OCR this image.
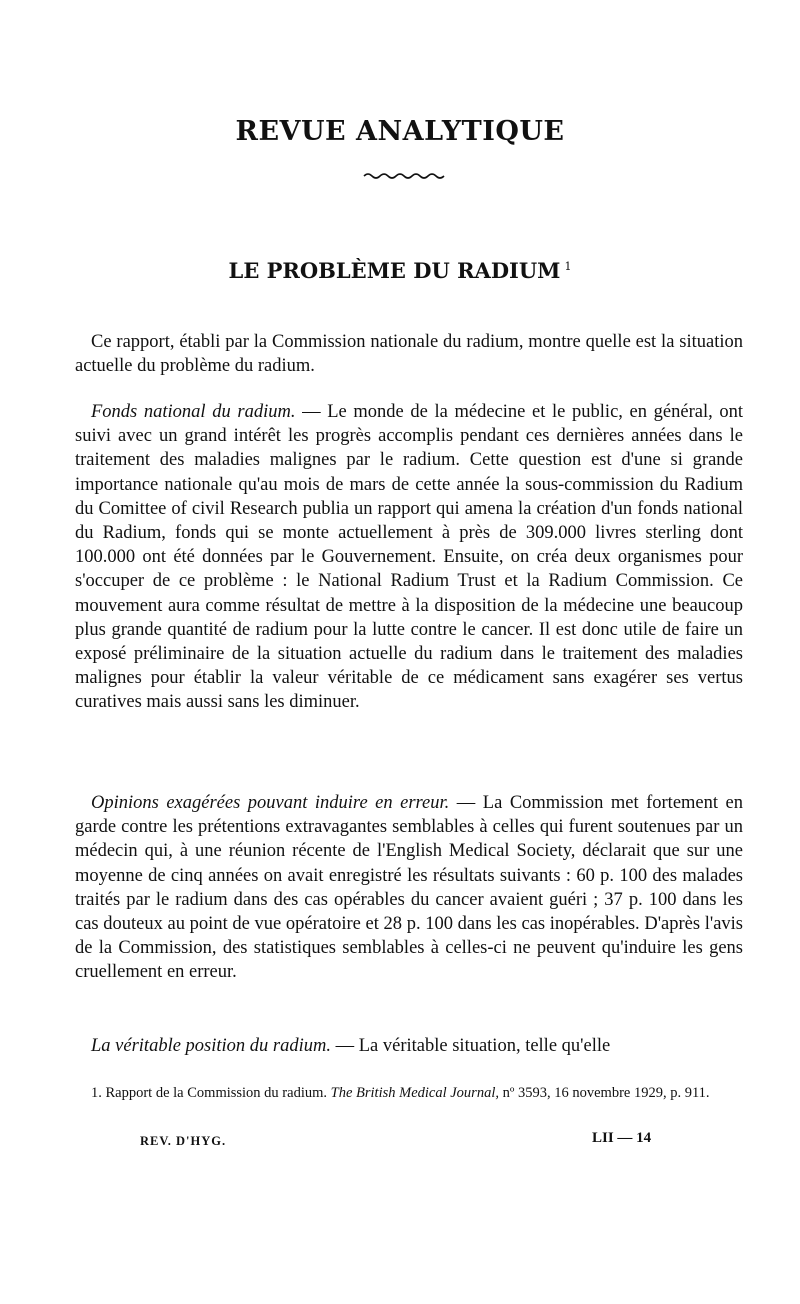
REVUE ANALYTIQUE
LE PROBLÈME DU RADIUM $^1$

Ce rapport, établi par la Commission nationale du radium, montre quelle est la situation actuelle du problème du radium.

Fonds national du radium. — Le monde de la médecine et le public, en général, ont suivi avec un grand intérêt les progrès accomplis pendant ces dernières années dans le traitement des maladies malignes par le radium. Cette question est d'une si grande importance nationale qu'au mois de mars de cette année la sous-commission du Radium du Comittee of civil Research publia un rapport qui amena la création d'un fonds national du Radium, fonds qui se monte actuellement à près de 309.000 livres sterling dont 100.000 ont été données par le Gouvernement. Ensuite, on créa deux organismes pour s'occuper de ce problème : le National Radium Trust et la Radium Commission. Ce mouvement aura comme résultat de mettre à la disposition de la médecine une beaucoup plus grande quantité de radium pour la lutte contre le cancer. Il est donc utile de faire un exposé préliminaire de la situation actuelle du radium dans le traitement des maladies malignes pour établir la valeur véritable de ce médicament sans exagérer ses vertus curatives mais aussi sans les diminuer.

Opinions exagérées pouvant induire en erreur. — La Commission met fortement en garde contre les prétentions extravagantes semblables à celles qui furent soutenues par un médecin qui, à une réunion récente de l'English Medical Society, déclarait que sur une moyenne de cinq années on avait enregistré les résultats suivants : 60 p. 100 des malades traités par le radium dans des cas opérables du cancer avaient guéri ; 37 p. 100 dans les cas douteux au point de vue opératoire et 28 p. 100 dans les cas inopérables. D'après l'avis de la Commission, des statistiques semblables à celles-ci ne peuvent qu'induire les gens cruellement en erreur.

La véritable position du radium. — La véritable situation, telle qu'elle

1. Rapport de la Commission du radium. The British Medical Journal, nº 3593, 16 novembre 1929, p. 911.

REV. D'HYG.	LII — 14
